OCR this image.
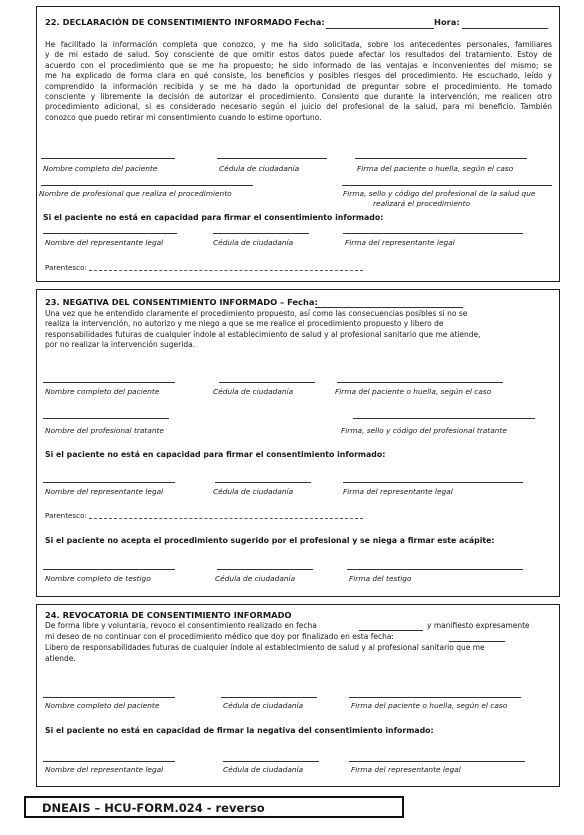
22. DECLARACIÓN DE CONSENTIMIENTO INFORMADO Fecha:	Hora:
He facilitado la información completa que conozco, y me ha sido solicitada, sobre los antecedentes personales, familiares
y de mi estado de salud. Soy consciente de que omitir estos datos puede afectar los resultados del tratamiento. Estoy de
acuerdo con el procedimiento que se me ha propuesto; he sido informado de las ventajas e inconvenientes del mismo; se
me ha explicado de forma clara en qué consiste, los beneficios y posibles riesgos del procedimiento. He escuchado, leído y
comprendido la información recibida y se me ha dado la oportunidad de preguntar sobre el procedimiento. He tomado
consciente y libremente la decisión de autorizar el procedimiento. Consiento que durante la intervención, me realicen otro
procedimiento adicional, si es considerado necesario según el juicio del profesional de la salud, para mi beneficio. También
conozco que puedo retirar mi consentimiento cuando lo estime oportuno.
Nombre completo del paciente	Cédula de ciudadanía	Firma del paciente o huella, según el caso
Nombre de profesional que realiza el procedimiento	Firma, sello y código del profesional de la salud que
realizará el procedimiento
Si el paciente no está en capacidad para firmar el consentimiento informado:
Nombre del representante legal	Cédula de ciudadanía	Firma del representante legal
Parentesco:
23. NEGATIVA DEL CONSENTIMIENTO INFORMADO – Fecha:
Una vez que he entendido claramente el procedimiento propuesto, así como las consecuencias posibles si no se
realiza la intervención, no autorizo y me niego a que se me realice el procedimiento propuesto y libero de
responsabilidades futuras de cualquier índole al establecimiento de salud y al profesional sanitario que me atiende,
por no realizar la intervención sugerida.
Nombre completo del paciente	Cédula de ciudadanía	Firma del paciente o huella, según el caso
Nombre del profesional tratante	Firma, sello y código del profesional tratante
Si el paciente no está en capacidad para firmar el consentimiento informado:
Nombre del representante legal	Cédula de ciudadanía	Firma del representante legal
Parentesco:
Si el paciente no acepta el procedimiento sugerido por el profesional y se niega a firmar este acápite:
Nombre completo de testigo	Cédula de ciudadanía	Firma del testigo
24. REVOCATORIA DE CONSENTIMIENTO INFORMADO
De forma libre y voluntaria, revoco el consentimiento realizado en fecha	y manifiesto expresamente
mi deseo de no continuar con el procedimiento médico que doy por finalizado en esta fecha:
Libero de responsabilidades futuras de cualquier índole al establecimiento de salud y al profesional sanitario que me
atiende.
Nombre completo del paciente	Cédula de ciudadanía	Firma del paciente o huella, según el caso
Si el paciente no está en capacidad de firmar la negativa del consentimiento informado:
Nombre del representante legal	Cédula de ciudadanía	Firma del representante legal
DNEAIS – HCU-FORM.024 - reverso
